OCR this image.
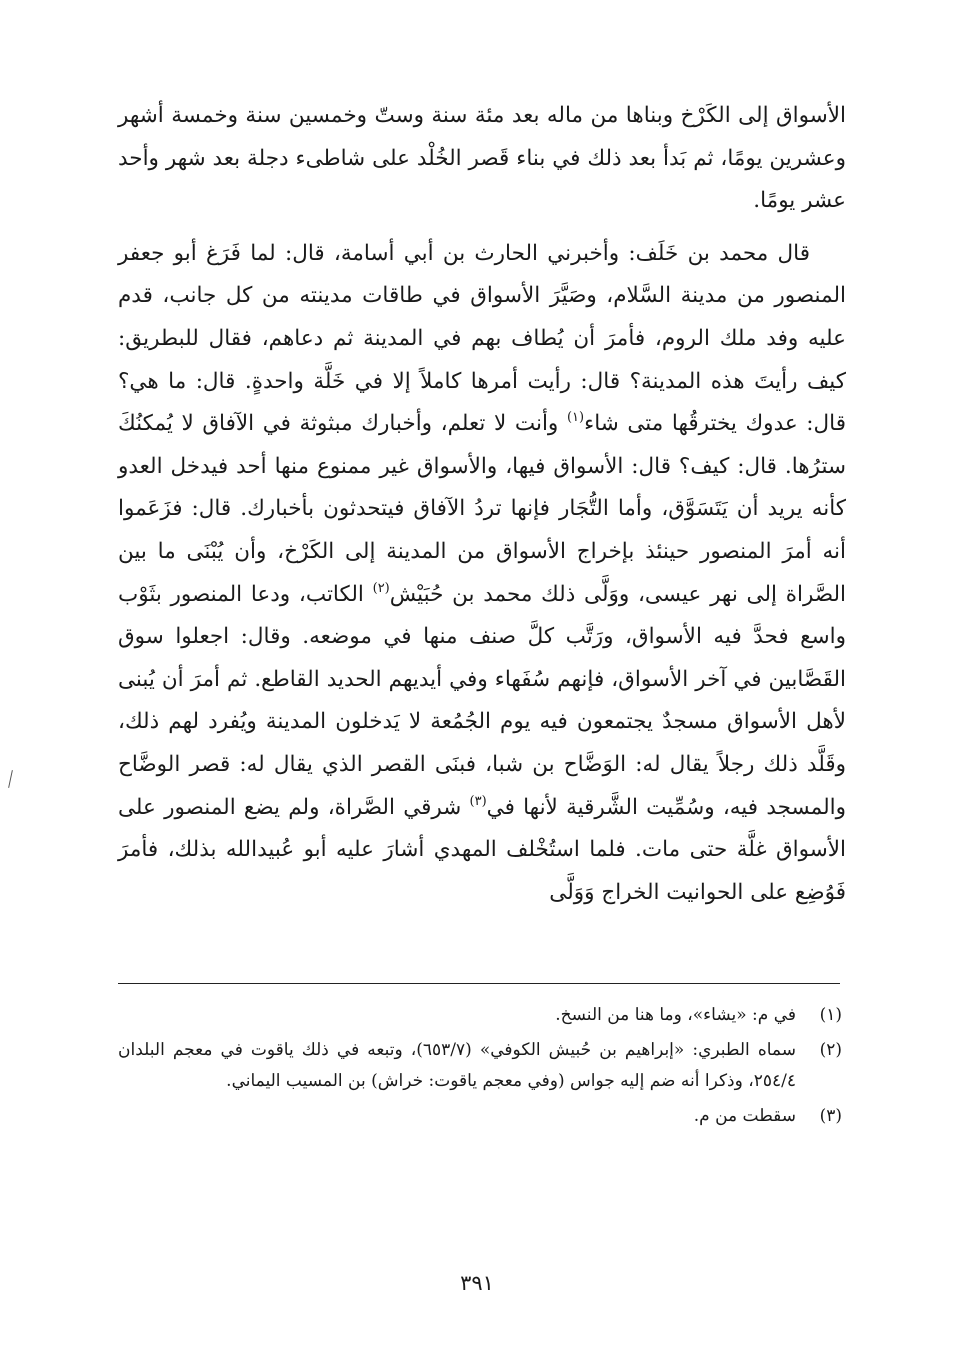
الأسواق إلى الكَرْخ وبناها من ماله بعد مئة سنة وستّ وخمسين سنة وخمسة أشهر وعشرين يومًا، ثم بَدأ بعد ذلك في بناء قَصر الخُلْد على شاطىء دجلة بعد شهر وأحد عشر يومًا.

قال محمد بن خَلَف: وأخبرني الحارث بن أبي أسامة، قال: لما فَرَغ أبو جعفر المنصور من مدينة السَّلام، وصَيَّرَ الأسواق في طاقات مدينته من كل جانب، قدم عليه وفد ملك الروم، فأمرَ أن يُطاف بهم في المدينة ثم دعاهم، فقال للبطريق: كيف رأيتَ هذه المدينة؟ قال: رأيت أمرها كاملاً إلا في خَلَّة واحدةٍ. قال: ما هي؟ قال: عدوك يخترقُها متى شاء$^{(١)}$ وأنت لا تعلم، وأخبارك مبثوثة في الآفاق لا يُمكنُكَ سترُها. قال: كيف؟ قال: الأسواق فيها، والأسواق غير ممنوع منها أحد فيدخل العدو كأنه يريد أن يَتَسَوَّق، وأما التُّجَار فإنها تردُ الآفاق فيتحدثون بأخبارك. قال: فزَعَموا أنه أمرَ المنصور حينئذ بإخراج الأسواق من المدينة إلى الكَرْخ، وأن يُبْنَى ما بين الصَّراة إلى نهر عيسى، ووَلَّى ذلك محمد بن حُبَيْش$^{(٢)}$ الكاتب، ودعا المنصور بثَوْب واسع فحدَّ فيه الأسواق، ورَتَّب كلَّ صنف منها في موضعه. وقال: اجعلوا سوق القَصَّابين في آخر الأسواق، فإنهم سُفَهاء وفي أيديهم الحديد القاطع. ثم أمرَ أن يُبنى لأهل الأسواق مسجدٌ يجتمعون فيه يوم الجُمُعة لا يَدخلون المدينة ويُفرد لهم ذلك، وقَلَّد ذلك رجلاً يقال له: الوَضَّاح بن شبا، فبنَى القصر الذي يقال له: قصر الوضَّاح والمسجد فيه، وسُمِّيت الشَّرقية لأنها في$^{(٣)}$ شرقي الصَّراة، ولم يضع المنصور على الأسواق غلَّة حتى مات. فلما استُخْلف المهدي أشارَ عليه أبو عُبيدالله بذلك، فأمرَ فَوُضِع على الحوانيت الخراج وَوَلَّى

(١)
في م: «يشاء»، وما هنا من النسخ.
(٢)
سماه الطبري: «إبراهيم بن حُبيش الكوفي» (٦٥٣/٧)، وتبعه في ذلك ياقوت في معجم البلدان ٢٥٤/٤، وذكرا أنه ضم إليه جواس (وفي معجم ياقوت: خراش) بن المسيب اليماني.
(٣)
سقطت من م.
٣٩١
